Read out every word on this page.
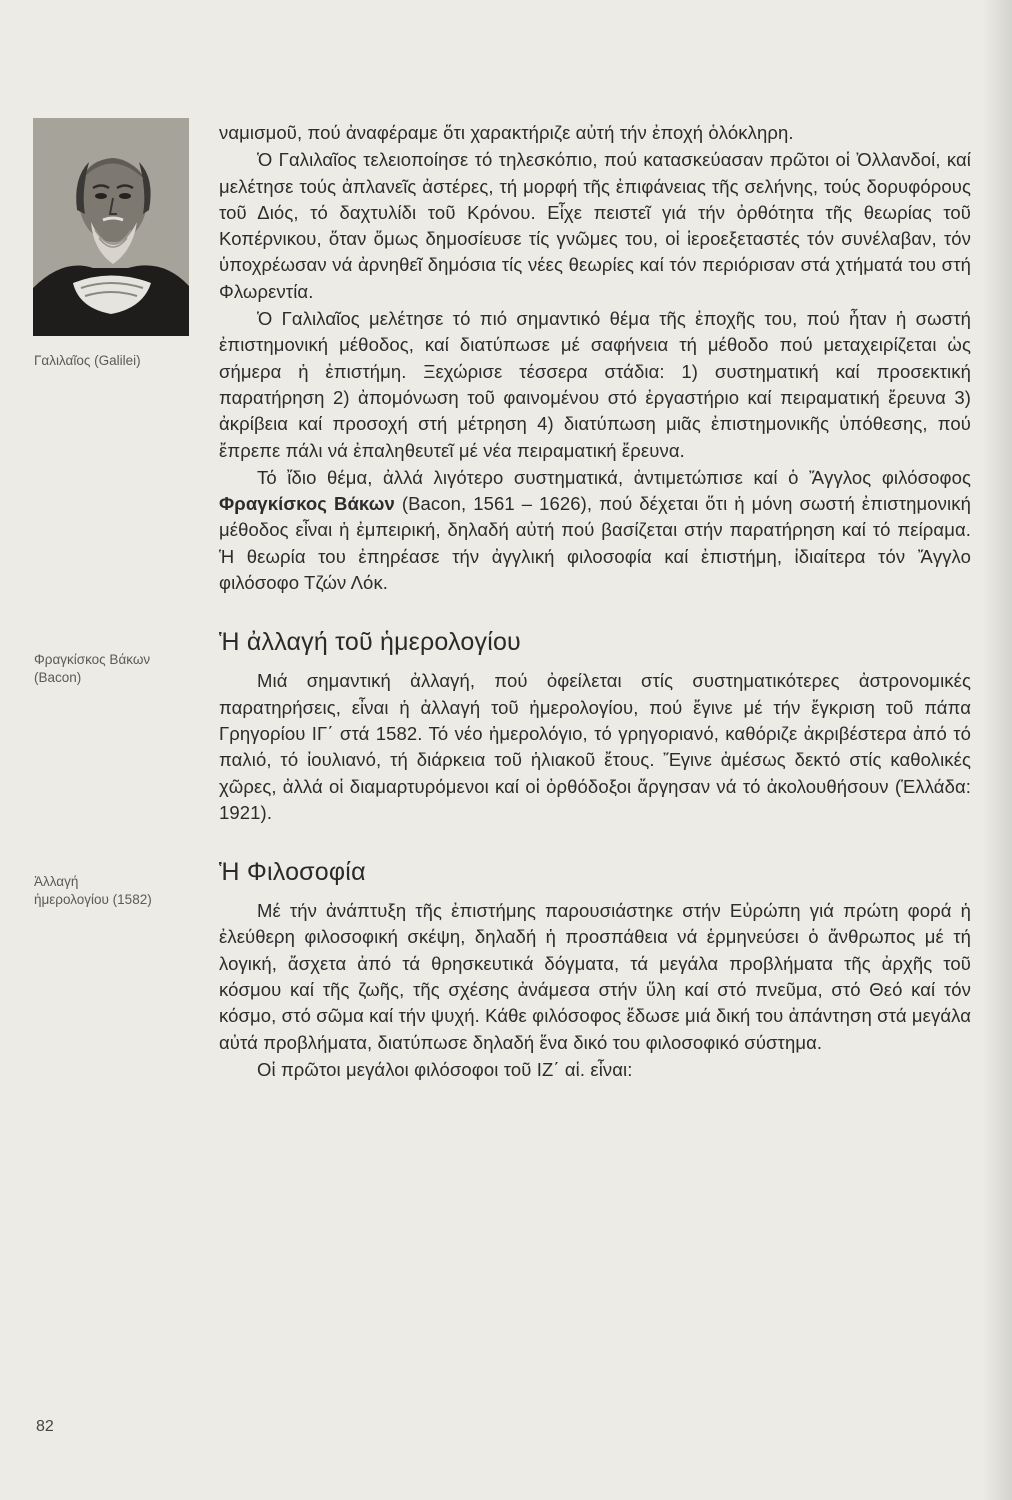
Γαλιλαῖος (Galilei)
Φραγκίσκος Βάκων
(Bacon)
Ἀλλαγή
ἡμερολογίου (1582)

ναμισμοῦ, πού ἀναφέραμε ὅτι χαρακτήριζε αὐτή τήν ἐποχή ὁλόκληρη.

Ὁ Γαλιλαῖος τελειοποίησε τό τηλεσκόπιο, πού κατασκεύασαν πρῶτοι οἱ Ὀλλανδοί, καί μελέτησε τούς ἀπλανεῖς ἀστέρες, τή μορφή τῆς ἐπιφάνειας τῆς σελήνης, τούς δορυφόρους τοῦ Διός, τό δαχτυλίδι τοῦ Κρόνου. Εἶχε πειστεῖ γιά τήν ὀρθότητα τῆς θεωρίας τοῦ Κοπέρνικου, ὅταν ὅμως δημοσίευσε τίς γνῶμες του, οἱ ἱεροεξεταστές τόν συνέλαβαν, τόν ὑποχρέωσαν νά ἀρνηθεῖ δημόσια τίς νέες θεωρίες καί τόν περιόρισαν στά χτήματά του στή Φλωρεντία.

Ὁ Γαλιλαῖος μελέτησε τό πιό σημαντικό θέμα τῆς ἐποχῆς του, πού ἦταν ἡ σωστή ἐπιστημονική μέθοδος, καί διατύπωσε μέ σαφήνεια τή μέθοδο πού μεταχειρίζεται ὡς σήμερα ἡ ἐπιστήμη. Ξεχώρισε τέσσερα στάδια: 1) συστηματική καί προσεκτική παρατήρηση 2) ἀπομόνωση τοῦ φαινομένου στό ἐργαστήριο καί πειραματική ἔρευνα 3) ἀκρίβεια καί προσοχή στή μέτρηση 4) διατύπωση μιᾶς ἐπιστημονικῆς ὑπόθεσης, πού ἔπρεπε πάλι νά ἐπαληθευτεῖ μέ νέα πειραματική ἔρευνα.

Τό ἴδιο θέμα, ἀλλά λιγότερο συστηματικά, ἀντιμετώπισε καί ὁ Ἄγγλος φιλόσοφος Φραγκίσκος Βάκων (Bacon, 1561 – 1626), πού δέχεται ὅτι ἡ μόνη σωστή ἐπιστημονική μέθοδος εἶναι ἡ ἐμπειρική, δηλαδή αὐτή πού βασίζεται στήν παρατήρηση καί τό πείραμα. Ἡ θεωρία του ἐπηρέασε τήν ἀγγλική φιλοσοφία καί ἐπιστήμη, ἰδιαίτερα τόν Ἄγγλο φιλόσοφο Τζών Λόκ.

Ἡ ἀλλαγή τοῦ ἡμερολογίου

Μιά σημαντική ἀλλαγή, πού ὀφείλεται στίς συστηματικότερες ἀστρονομικές παρατηρήσεις, εἶναι ἡ ἀλλαγή τοῦ ἡμερολογίου, πού ἔγινε μέ τήν ἔγκριση τοῦ πάπα Γρηγορίου ΙΓ΄ στά 1582. Τό νέο ἡμερολόγιο, τό γρηγοριανό, καθόριζε ἀκριβέστερα ἀπό τό παλιό, τό ἰουλιανό, τή διάρκεια τοῦ ἡλιακοῦ ἔτους. Ἔγινε ἀμέσως δεκτό στίς καθολικές χῶρες, ἀλλά οἱ διαμαρτυρόμενοι καί οἱ ὀρθόδοξοι ἄργησαν νά τό ἀκολουθήσουν (Ἑλλάδα: 1921).

Ἡ Φιλοσοφία

Μέ τήν ἀνάπτυξη τῆς ἐπιστήμης παρουσιάστηκε στήν Εὐρώπη γιά πρώτη φορά ἡ ἐλεύθερη φιλοσοφική σκέψη, δηλαδή ἡ προσπάθεια νά ἑρμηνεύσει ὁ ἄνθρωπος μέ τή λογική, ἄσχετα ἀπό τά θρησκευτικά δόγματα, τά μεγάλα προβλήματα τῆς ἀρχῆς τοῦ κόσμου καί τῆς ζωῆς, τῆς σχέσης ἀνάμεσα στήν ὕλη καί στό πνεῦμα, στό Θεό καί τόν κόσμο, στό σῶμα καί τήν ψυχή. Κάθε φιλόσοφος ἔδωσε μιά δική του ἀπάντηση στά μεγάλα αὐτά προβλήματα, διατύπωσε δηλαδή ἕνα δικό του φιλοσοφικό σύστημα.

Οἱ πρῶτοι μεγάλοι φιλόσοφοι τοῦ ΙΖ΄ αἱ. εἶναι:

82
